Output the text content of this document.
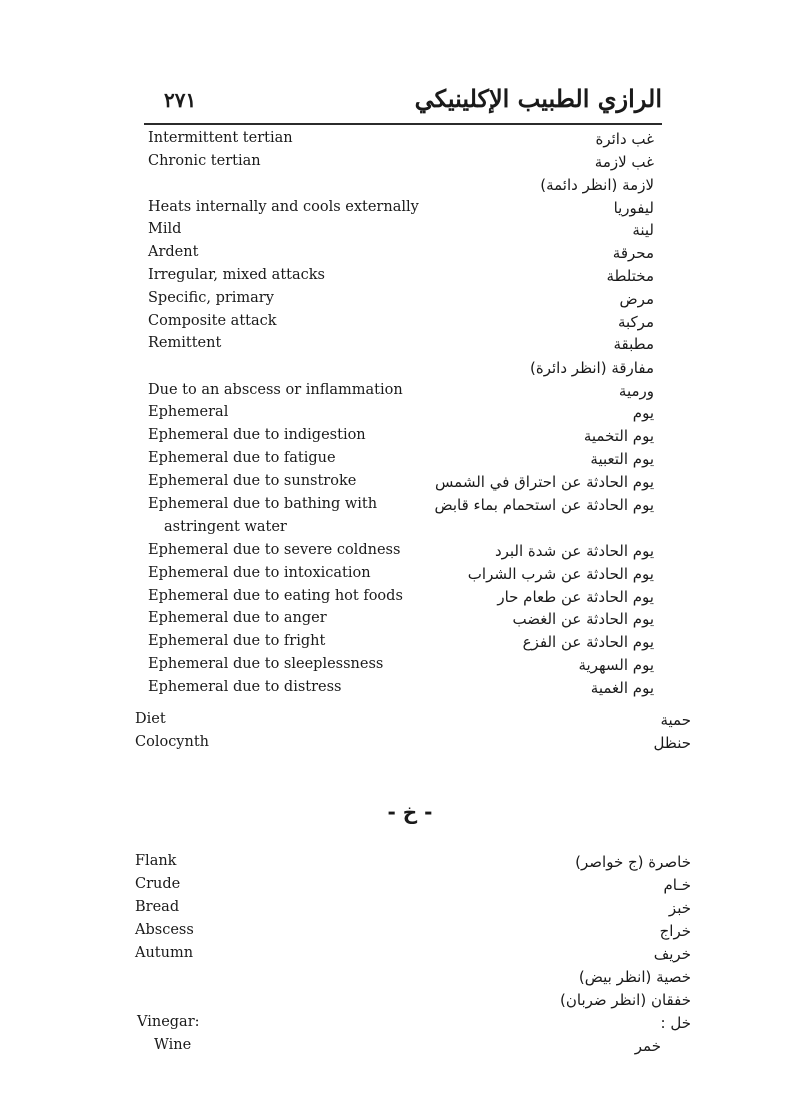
٢٧١	الرازي الطبيب الإكلينيكي
Intermittent tertian	غب دائرة
Chronic tertian	غب لازمة
لازمة (انظر دائمة)
Heats internally and cools externally	ليفوريا
Mild	لينة
Ardent	محرقة
Irregular, mixed attacks	مختلطة
Specific, primary	مرض
Composite attack	مركبة
Remittent	مطبقة
مفارقة (انظر دائرة)
Due to an abscess or inflammation	ورمية
Ephemeral	يوم
Ephemeral due to indigestion	يوم التخمية
Ephemeral due to fatigue	يوم التعبية
Ephemeral due to sunstroke	يوم الحادثة عن احتراق في الشمس
Ephemeral due to bathing with	يوم الحادثة عن استحمام بماء قابض
astringent water
Ephemeral due to severe coldness	يوم الحادثة عن شدة البرد
Ephemeral due to intoxication	يوم الحادثة عن شرب الشراب
Ephemeral due to eating hot foods	يوم الحادثة عن طعام حار
Ephemeral due to anger	يوم الحادثة عن الغضب
Ephemeral due to fright	يوم الحادثة عن الفزع
Ephemeral due to sleeplessness	يوم السهرية
Ephemeral due to distress	يوم الغمية
Diet	حمية
Colocynth	حنظل
- خ -
Flank	خاصرة (ج خواصر)
Crude	خـام
Bread	خبز
Abscess	خراج
Autumn	خريف
خصية (انظر بيض)
خفقان (انظر ضربان)
Vinegar:	خل :
Wine	خمر
